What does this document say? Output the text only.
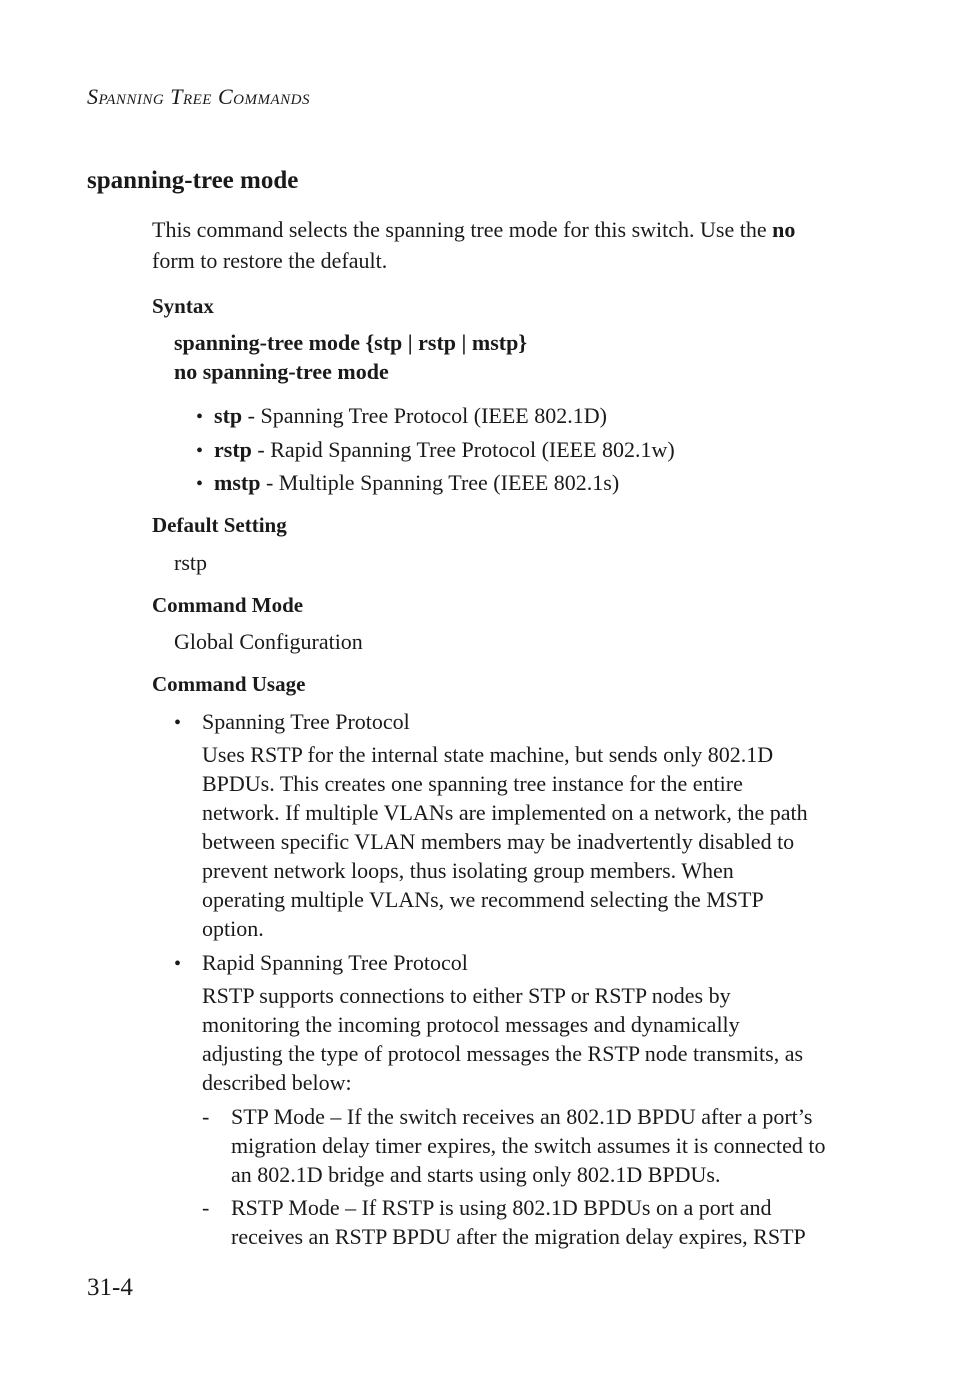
Spanning Tree Commands
spanning-tree mode
This command selects the spanning tree mode for this switch. Use the no
form to restore the default.
Syntax
spanning-tree mode {stp | rstp | mstp}
no spanning-tree mode
• stp - Spanning Tree Protocol (IEEE 802.1D)
• rstp - Rapid Spanning Tree Protocol (IEEE 802.1w)
• mstp - Multiple Spanning Tree (IEEE 802.1s)
Default Setting
rstp
Command Mode
Global Configuration
Command Usage
• Spanning Tree Protocol
Uses RSTP for the internal state machine, but sends only 802.1D
BPDUs. This creates one spanning tree instance for the entire
network. If multiple VLANs are implemented on a network, the path
between specific VLAN members may be inadvertently disabled to
prevent network loops, thus isolating group members. When
operating multiple VLANs, we recommend selecting the MSTP
option.
• Rapid Spanning Tree Protocol
RSTP supports connections to either STP or RSTP nodes by
monitoring the incoming protocol messages and dynamically
adjusting the type of protocol messages the RSTP node transmits, as
described below:
- STP Mode – If the switch receives an 802.1D BPDU after a port’s
migration delay timer expires, the switch assumes it is connected to
an 802.1D bridge and starts using only 802.1D BPDUs.
- RSTP Mode – If RSTP is using 802.1D BPDUs on a port and
receives an RSTP BPDU after the migration delay expires, RSTP
31-4
